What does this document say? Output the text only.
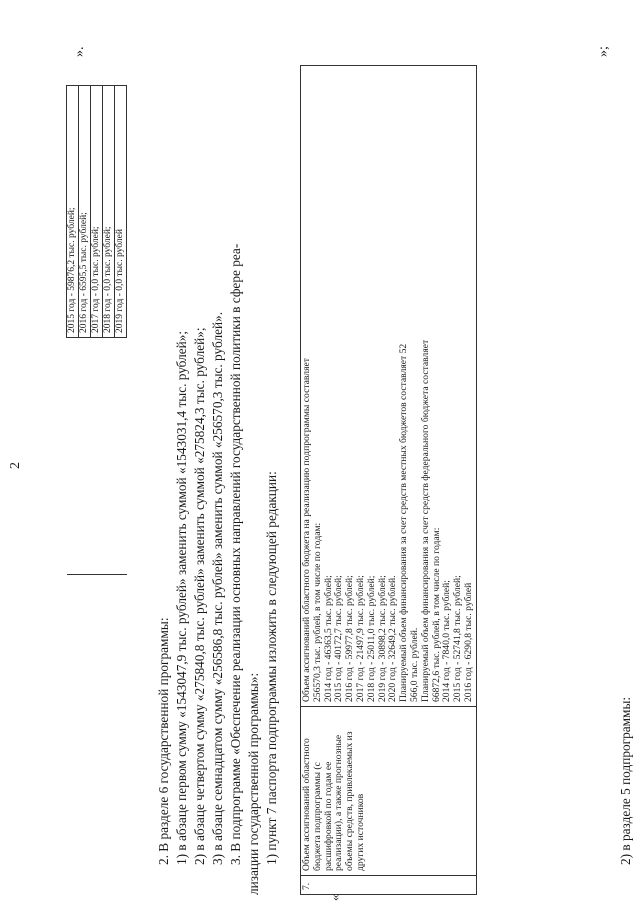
2
	2015 год - 59876,2 тыс. рублей;
	2016 год - 6595,5 тыс. рублей;
	2017 год - 0,0 тыс. рублей;
	2018 год - 0,0 тыс. рублей;
	2019 год - 0,0 тыс. рублей
».
2. В разделе 6 государственной программы: 1) в абзаце первом сумму «1543047,9 тыс. рублей» заменить суммой «1543031,4 тыс. рублей»; 2) в абзаце четвертом сумму «275840,8 тыс. рублей» заменить суммой «275824,3 тыс. рублей»; 3) в абзаце семнадцатом сумму «256586,8 тыс. рублей» заменить суммой «256570,3 тыс. рублей». 3. В подпрограмме «Обеспечение реализации основных направлений государственной политики в сфере реа- лизации государственной программы»: 1) пункт 7 паспорта подпрограммы изложить в следующей редакции:
«
7.	Объем ассигнований областного бюджета подпрограммы (с расшифровкой по годам ее реализации), а также прогнозные объемы средств, привлекаемых из других источников	
Объем ассигнований областного бюджета на реализацию подпрограммы составляет 256570,3 тыс. рублей, в том числе по годам: 2014 год - 46363,5 тыс. рублей; 2015 год - 40172,7 тыс. рублей; 2016 год - 59977,8 тыс. рублей; 2017 год - 21497,9 тыс. рублей; 2018 год - 25011,0 тыс. рублей; 2019 год - 30898,2 тыс. рублей; 2020 год - 32649,2 тыс. рублей. Планируемый объем финансирования за счет средств местных бюджетов составляет 52 566,0 тыс. рублей. Планируемый объем финансирования за счет средств федерального бюджета составляет 66872,6 тыс. рублей, в том числе по годам: 2014 год - 7840,0 тыс. рублей; 2015 год - 52741,8 тыс. рублей; 2016 год - 6290,8 тыс. рублей
»;
2) в разделе 5 подпрограммы:
